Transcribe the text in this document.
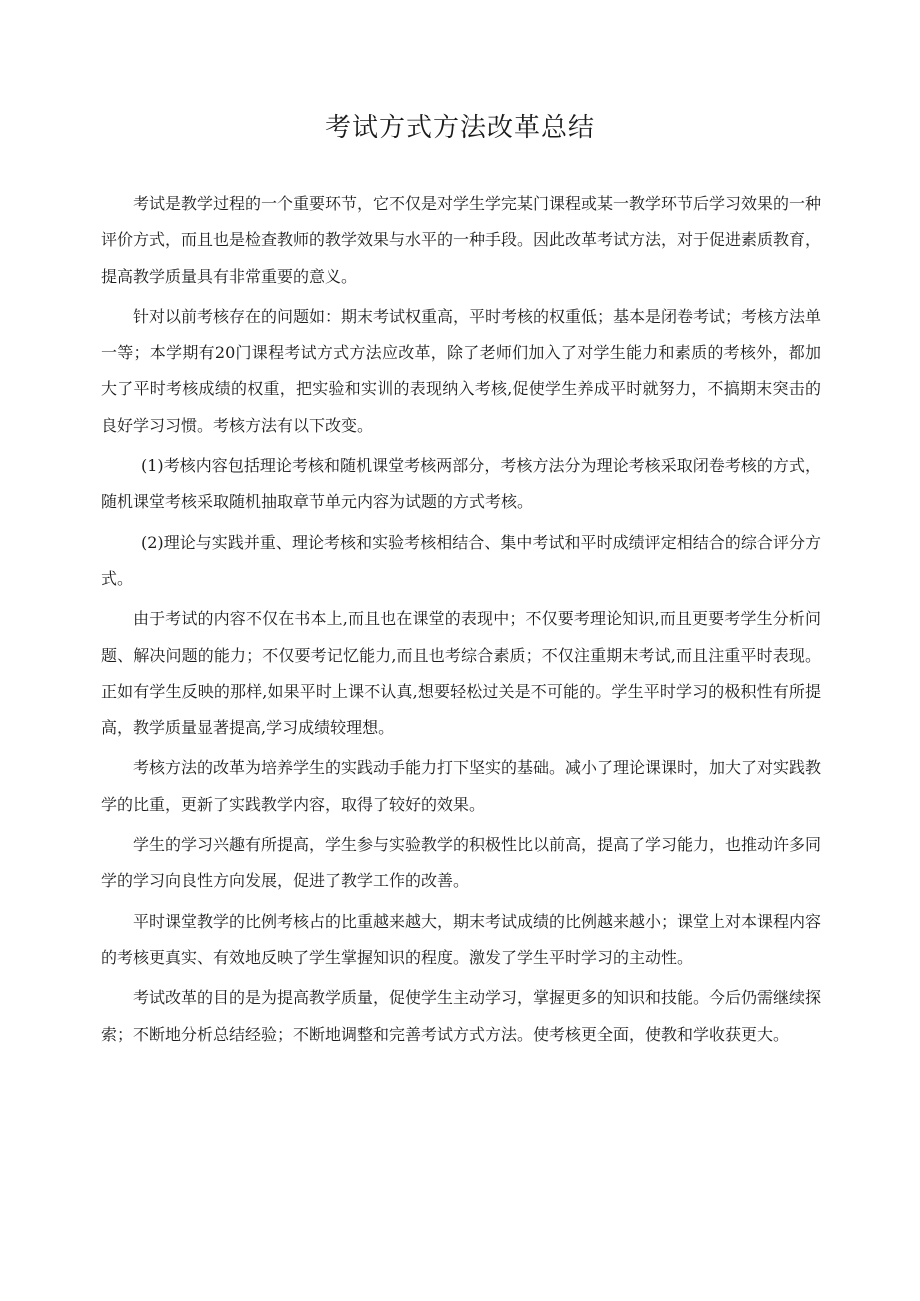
考试方式方法改革总结

考试是教学过程的一个重要环节，它不仅是对学生学完某门课程或某一教学环节后学习效果的一种评价方式，而且也是检查教师的教学效果与水平的一种手段。因此改革考试方法，对于促进素质教育，提高教学质量具有非常重要的意义。

针对以前考核存在的问题如：期末考试权重高，平时考核的权重低；基本是闭卷考试；考核方法单一等；本学期有20门课程考试方式方法应改革，除了老师们加入了对学生能力和素质的考核外，都加大了平时考核成绩的权重，把实验和实训的表现纳入考核,促使学生养成平时就努力，不搞期末突击的良好学习习惯。考核方法有以下改变。

(1)考核内容包括理论考核和随机课堂考核两部分，考核方法分为理论考核采取闭卷考核的方式，随机课堂考核采取随机抽取章节单元内容为试题的方式考核。

(2)理论与实践并重、理论考核和实验考核相结合、集中考试和平时成绩评定相结合的综合评分方式。

由于考试的内容不仅在书本上,而且也在课堂的表现中；不仅要考理论知识,而且更要考学生分析问题、解决问题的能力；不仅要考记忆能力,而且也考综合素质；不仅注重期末考试,而且注重平时表现。正如有学生反映的那样,如果平时上课不认真,想要轻松过关是不可能的。学生平时学习的极积性有所提高，教学质量显著提高,学习成绩较理想。

考核方法的改革为培养学生的实践动手能力打下坚实的基础。减小了理论课课时，加大了对实践教学的比重，更新了实践教学内容，取得了较好的效果。

学生的学习兴趣有所提高，学生参与实验教学的积极性比以前高，提高了学习能力，也推动许多同学的学习向良性方向发展，促进了教学工作的改善。

平时课堂教学的比例考核占的比重越来越大，期末考试成绩的比例越来越小；课堂上对本课程内容的考核更真实、有效地反映了学生掌握知识的程度。激发了学生平时学习的主动性。

考试改革的目的是为提高教学质量，促使学生主动学习，掌握更多的知识和技能。今后仍需继续探索；不断地分析总结经验；不断地调整和完善考试方式方法。使考核更全面，使教和学收获更大。
